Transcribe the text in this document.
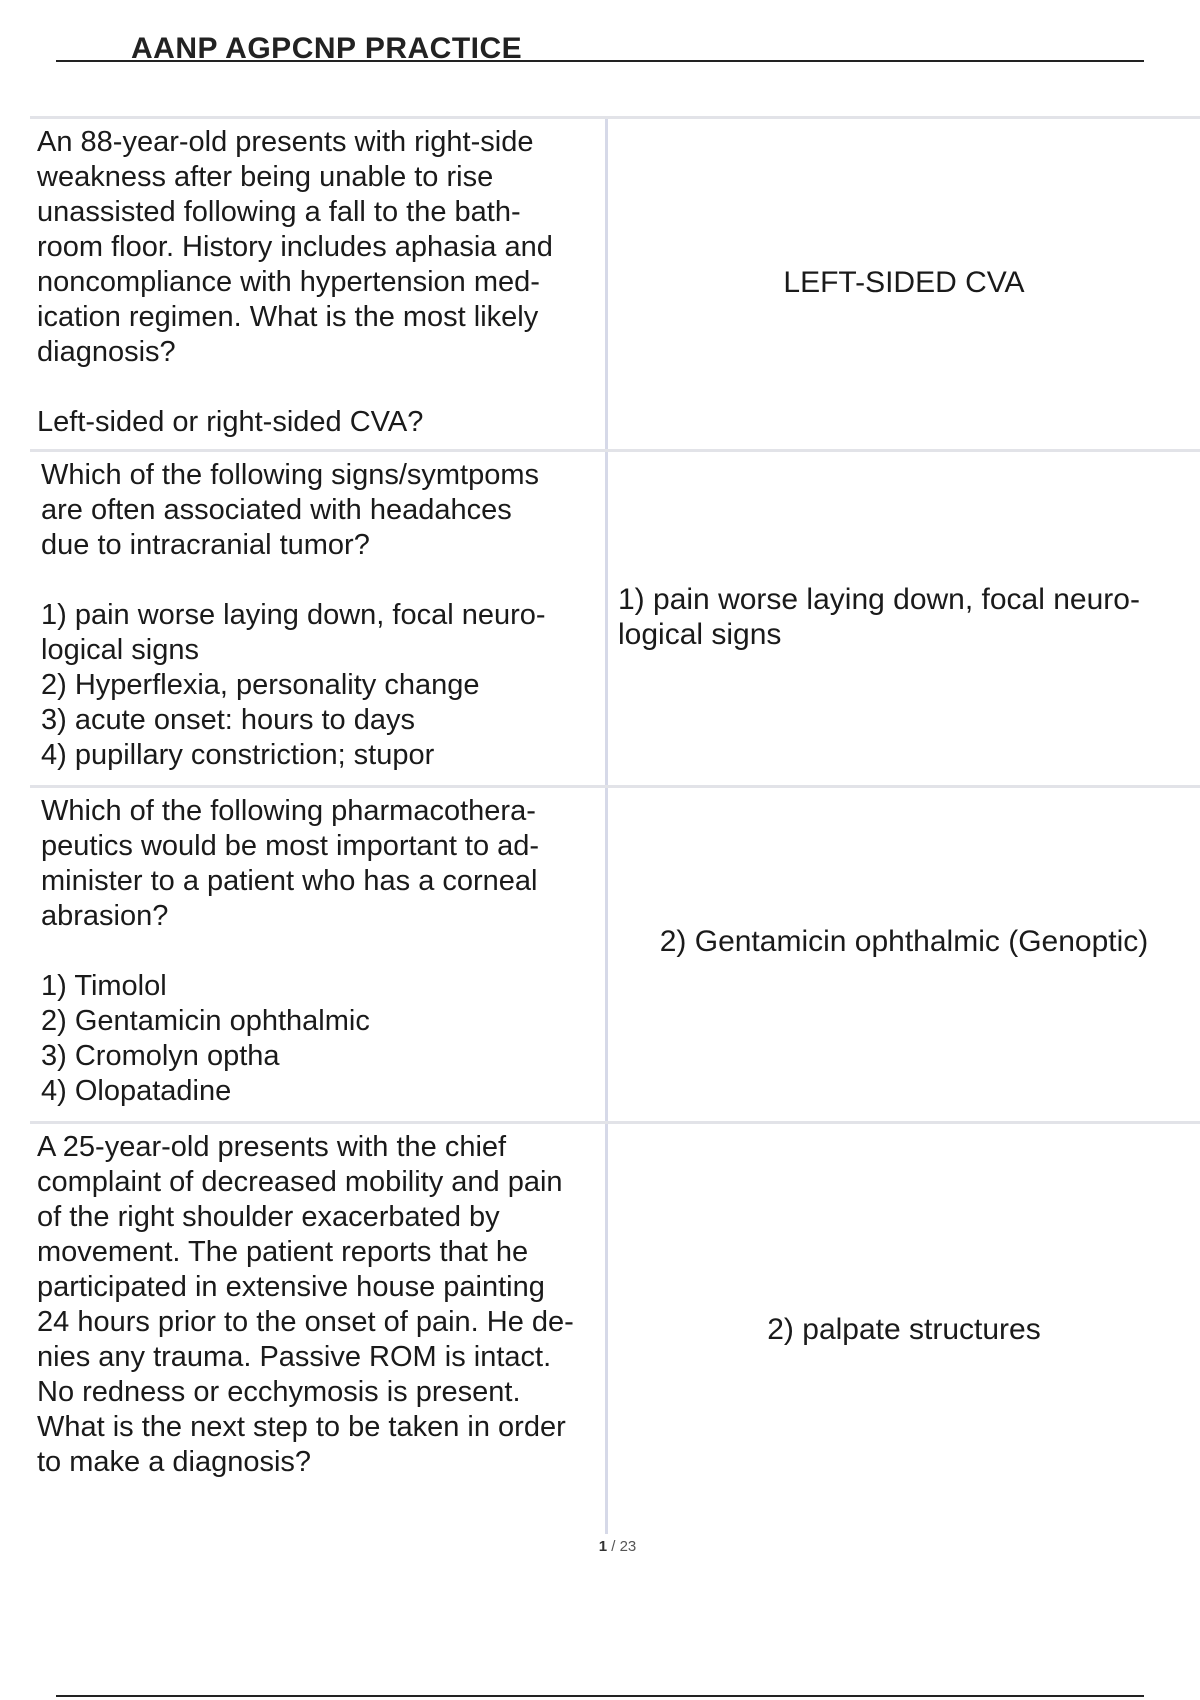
AANP AGPCNP PRACTICE
An 88-year-old presents with right-side
weakness after being unable to rise
unassisted following a fall to the bath-
room floor. History includes aphasia and
noncompliance with hypertension med-
ication regimen. What is the most likely
diagnosis?

Left-sided or right-sided CVA?
LEFT-SIDED CVA
Which of the following signs/symtpoms
are often associated with headahces
due to intracranial tumor?

1) pain worse laying down, focal neuro-
logical signs
2) Hyperflexia, personality change
3) acute onset: hours to days
4) pupillary constriction; stupor
1) pain worse laying down, focal neuro-
logical signs
Which of the following pharmacothera-
peutics would be most important to ad-
minister to a patient who has a corneal
abrasion?

1) Timolol
2) Gentamicin ophthalmic
3) Cromolyn optha
4) Olopatadine
2) Gentamicin ophthalmic (Genoptic)
A 25-year-old presents with the chief
complaint of decreased mobility and pain
of the right shoulder exacerbated by
movement. The patient reports that he
participated in extensive house painting
24 hours prior to the onset of pain. He de-
nies any trauma. Passive ROM is intact.
No redness or ecchymosis is present.
What is the next step to be taken in order
to make a diagnosis?
2) palpate structures
1 / 23
